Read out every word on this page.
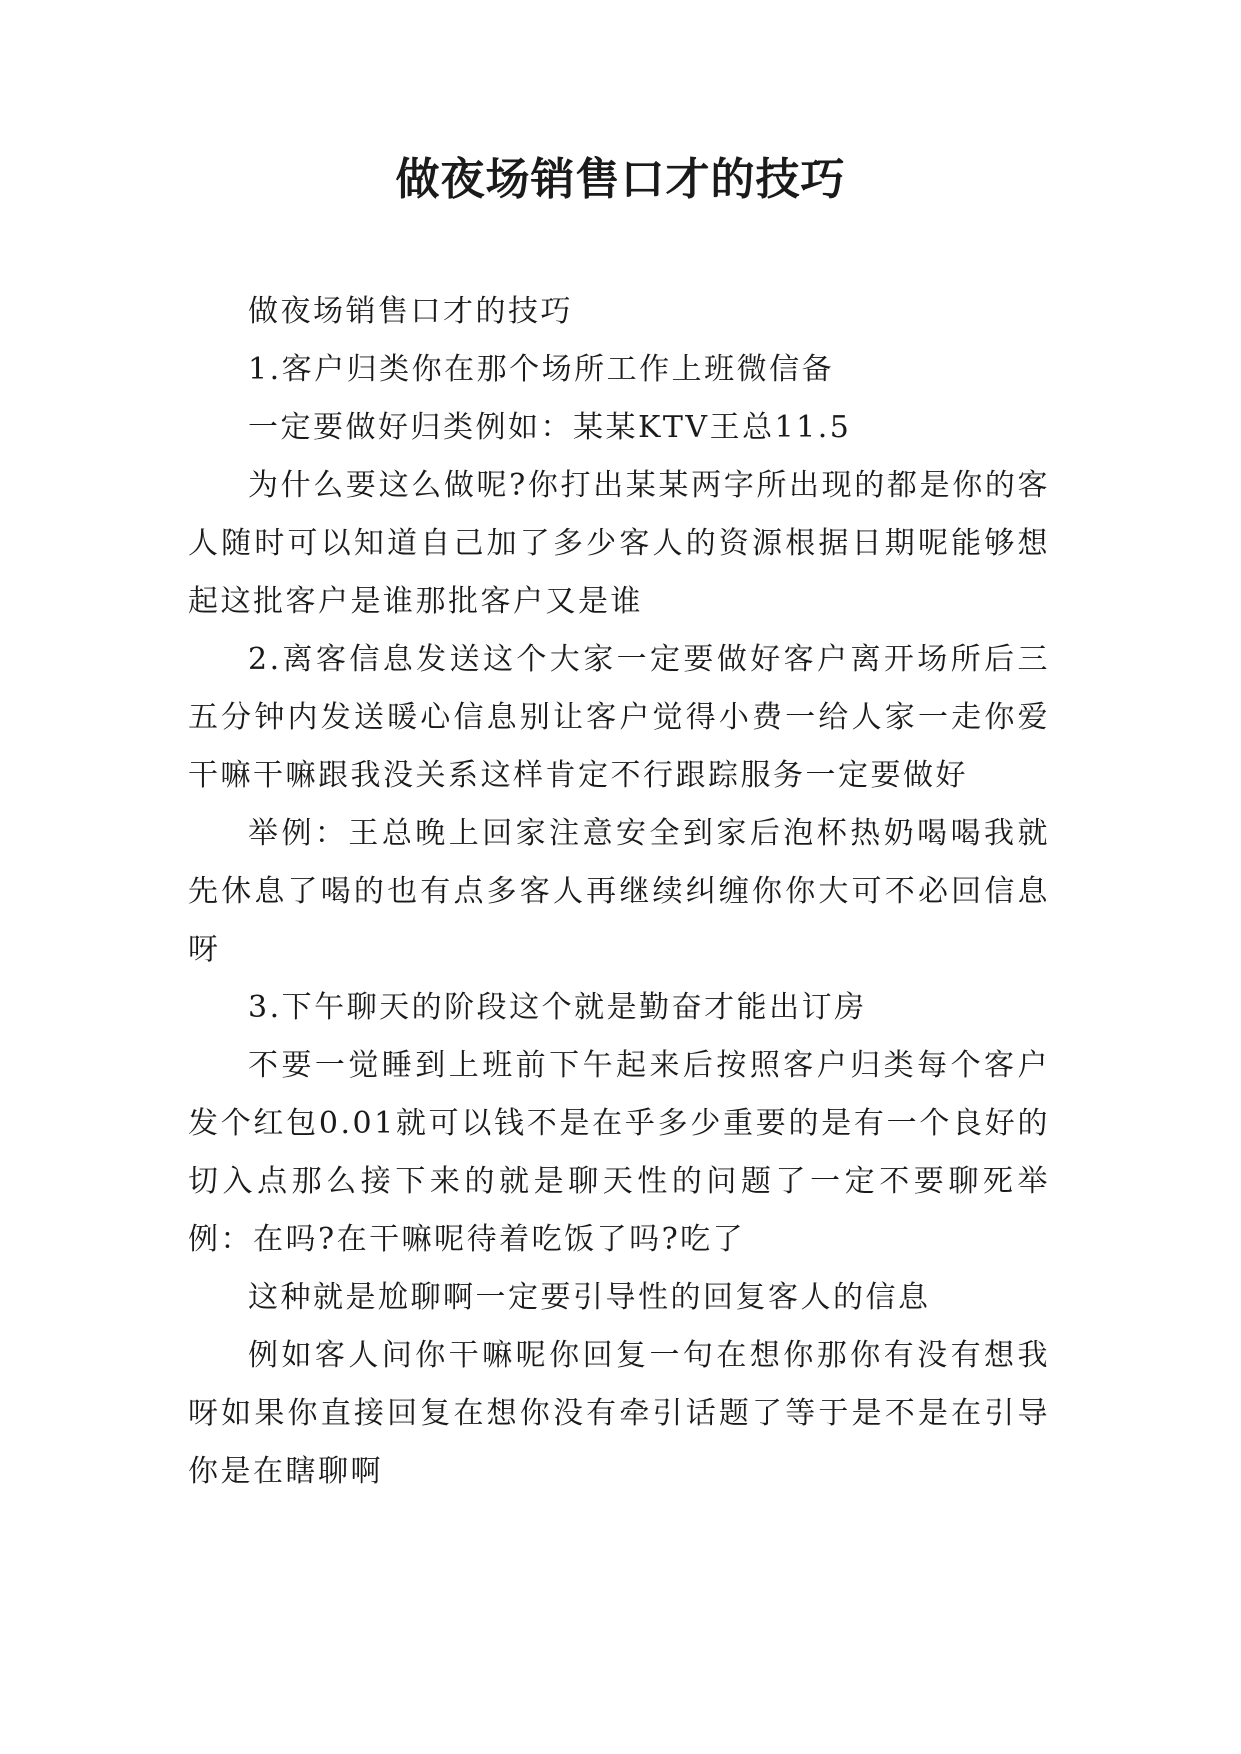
做夜场销售口才的技巧

做夜场销售口才的技巧

1.客户归类你在那个场所工作上班微信备

一定要做好归类例如：某某KTV王总11.5

为什么要这么做呢?你打出某某两字所出现的都是你的客人随时可以知道自己加了多少客人的资源根据日期呢能够想起这批客户是谁那批客户又是谁

2.离客信息发送这个大家一定要做好客户离开场所后三五分钟内发送暖心信息别让客户觉得小费一给人家一走你爱干嘛干嘛跟我没关系这样肯定不行跟踪服务一定要做好

举例：王总晚上回家注意安全到家后泡杯热奶喝喝我就先休息了喝的也有点多客人再继续纠缠你你大可不必回信息呀

3.下午聊天的阶段这个就是勤奋才能出订房

不要一觉睡到上班前下午起来后按照客户归类每个客户发个红包0.01就可以钱不是在乎多少重要的是有一个良好的切入点那么接下来的就是聊天性的问题了一定不要聊死举例：在吗?在干嘛呢待着吃饭了吗?吃了

这种就是尬聊啊一定要引导性的回复客人的信息

例如客人问你干嘛呢你回复一句在想你那你有没有想我呀如果你直接回复在想你没有牵引话题了等于是不是在引导你是在瞎聊啊
